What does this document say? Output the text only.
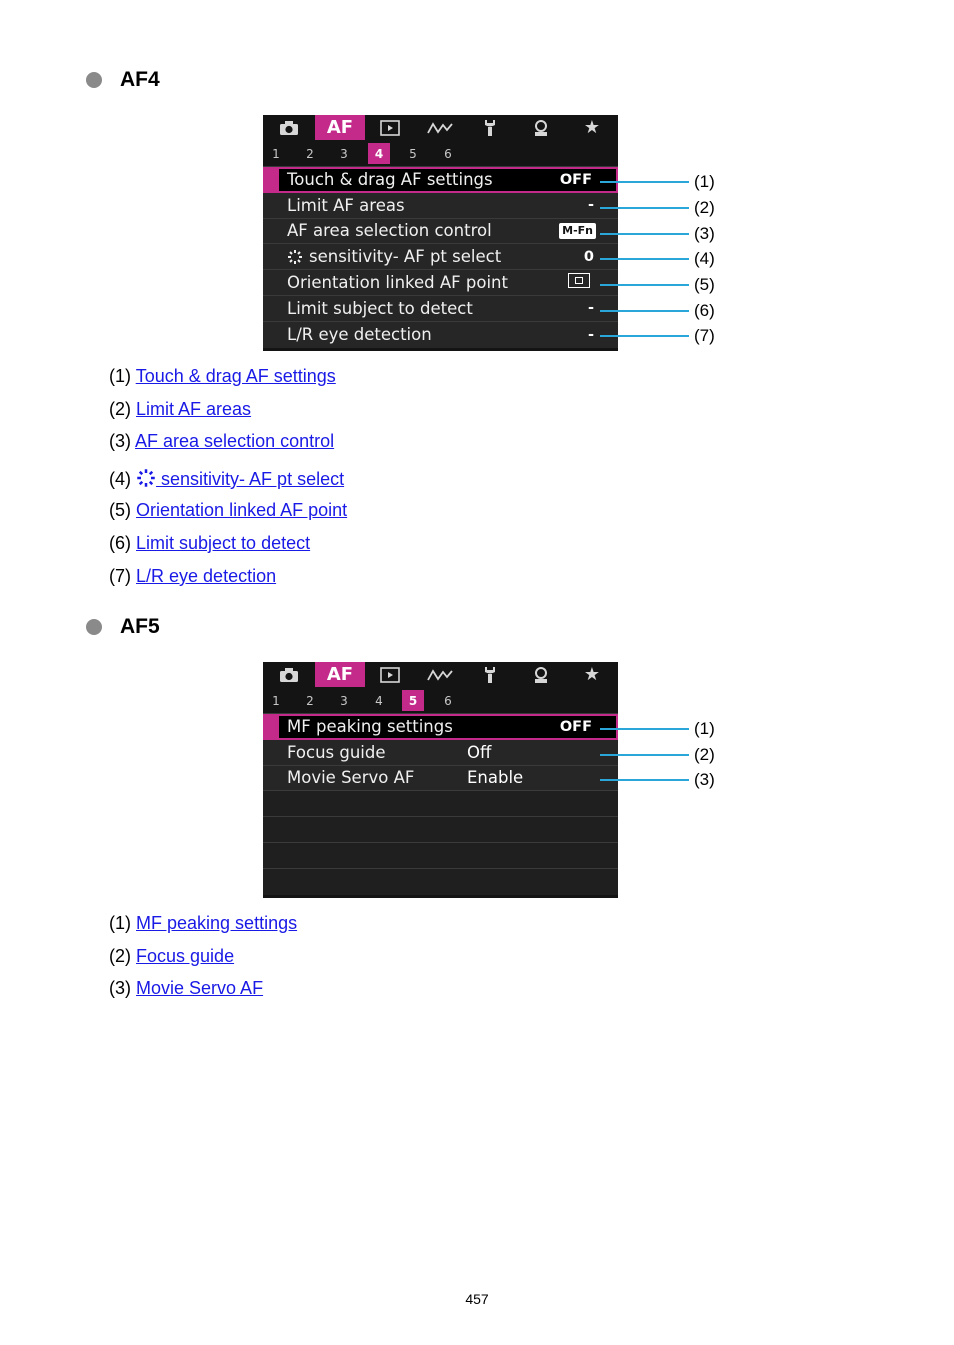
AF4
AF	★
1	2	3	4	5	6
Touch & drag AF settings	OFF
Limit AF areas	-
AF area selection control	M-Fn
sensitivity- AF pt select	0
Orientation linked AF point
Limit subject to detect	-
L/R eye detection	-
(1)
(2)
(3)
(4)
(5)
(6)
(7)
(1) Touch & drag AF settings
(2) Limit AF areas
(3) AF area selection control
(4) sensitivity- AF pt select
(5) Orientation linked AF point
(6) Limit subject to detect
(7) L/R eye detection
AF5
AF	★
1	2	3	4	5	6
MF peaking settings	OFF
Focus guide	Off
Movie Servo AF	Enable
(1)
(2)
(3)
(1) MF peaking settings
(2) Focus guide
(3) Movie Servo AF
457
